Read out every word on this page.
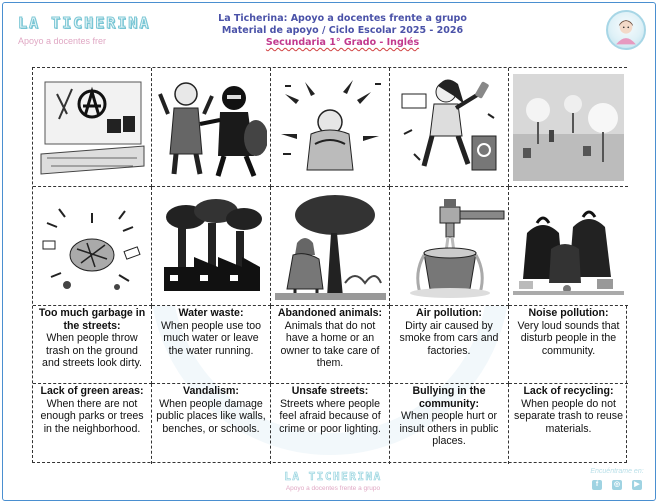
LA TICHERINA
Apoyo a docentes frer
La Ticherina: Apoyo a docentes frente a grupo
Material de apoyo / Ciclo Escolar 2025 - 2026
Secundaria 1° Grado - Inglés
Too much garbage in the streets:
When people throw trash on the ground and streets look dirty.
Water waste:
When people use too much water or leave the water running.
Abandoned animals:
Animals that do not have a home or an owner to take care of them.
Air pollution:
Dirty air caused by smoke from cars and factories.
Noise pollution:
Very loud sounds that disturb people in the community.
Lack of green areas:
When there are not enough parks or trees in the neighborhood.
Vandalism:
When people damage public places like walls, benches, or schools.
Unsafe streets:
Streets where people feel afraid because of crime or poor lighting.
Bullying in the community:
When people hurt or insult others in public places.
Lack of recycling:
When people do not separate trash to reuse materials.
LA TICHERINA
Apoyo a docentes frente a grupo
Encuéntrame en:
f	◎	▶
